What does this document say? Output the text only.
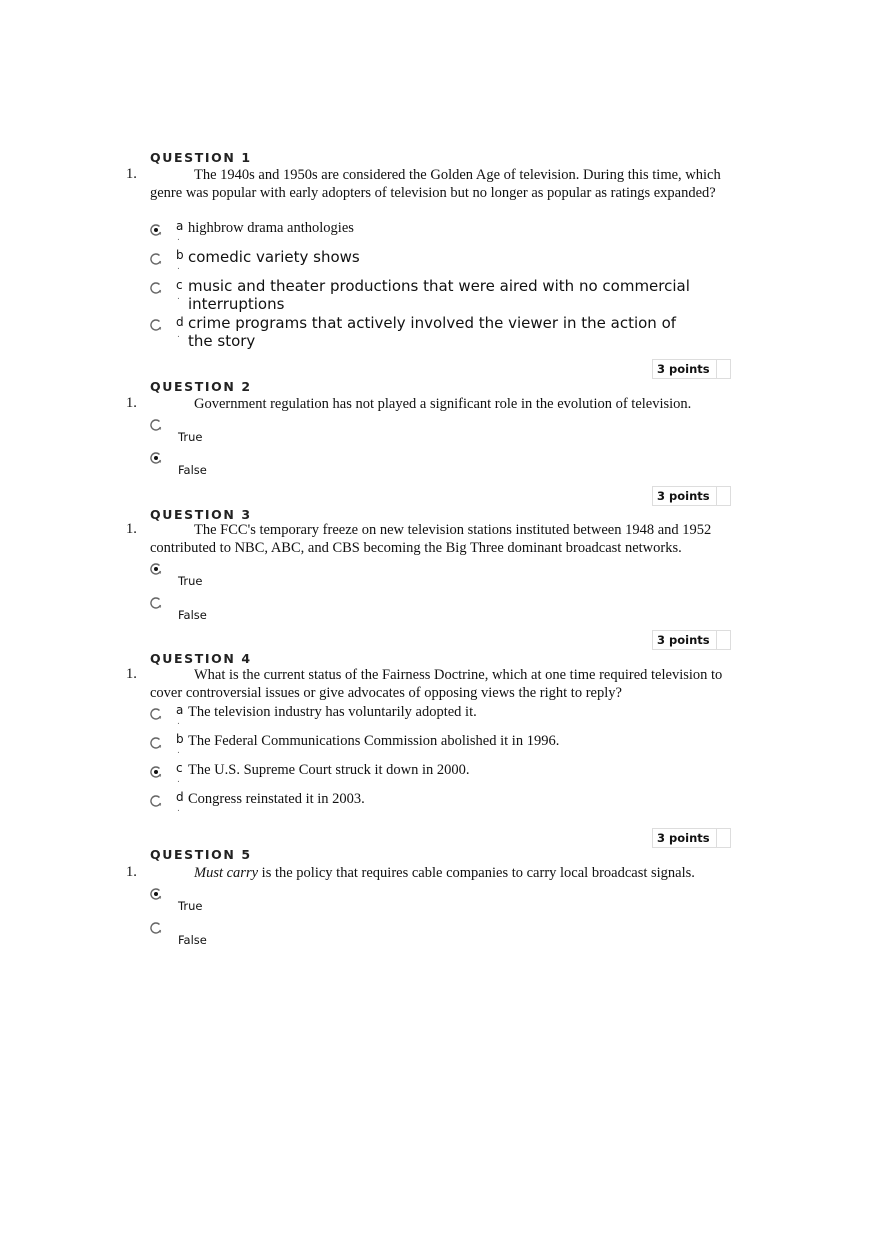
QUESTION 1
1.	The 1940s and 1950s are considered the Golden Age of television. During this time, which genre was popular with early adopters of television but no longer as popular as ratings expanded?
a
.
highbrow drama anthologies
b
.
comedic variety shows
c
.
music and theater productions that were aired with no commercial interruptions
d
.
crime programs that actively involved the viewer in the action of the story
3 points
QUESTION 2
1.	Government regulation has not played a significant role in the evolution of television.
True
False
3 points
QUESTION 3
1.	The FCC's temporary freeze on new television stations instituted between 1948 and 1952 contributed to NBC, ABC, and CBS becoming the Big Three dominant broadcast networks.
True
False
3 points
QUESTION 4
1.	What is the current status of the Fairness Doctrine, which at one time required television to cover controversial issues or give advocates of opposing views the right to reply?
a
.
The television industry has voluntarily adopted it.
b
.
The Federal Communications Commission abolished it in 1996.
c
.
The U.S. Supreme Court struck it down in 2000.
d
.
Congress reinstated it in 2003.
3 points
QUESTION 5
1.	Must carry is the policy that requires cable companies to carry local broadcast signals.
True
False
